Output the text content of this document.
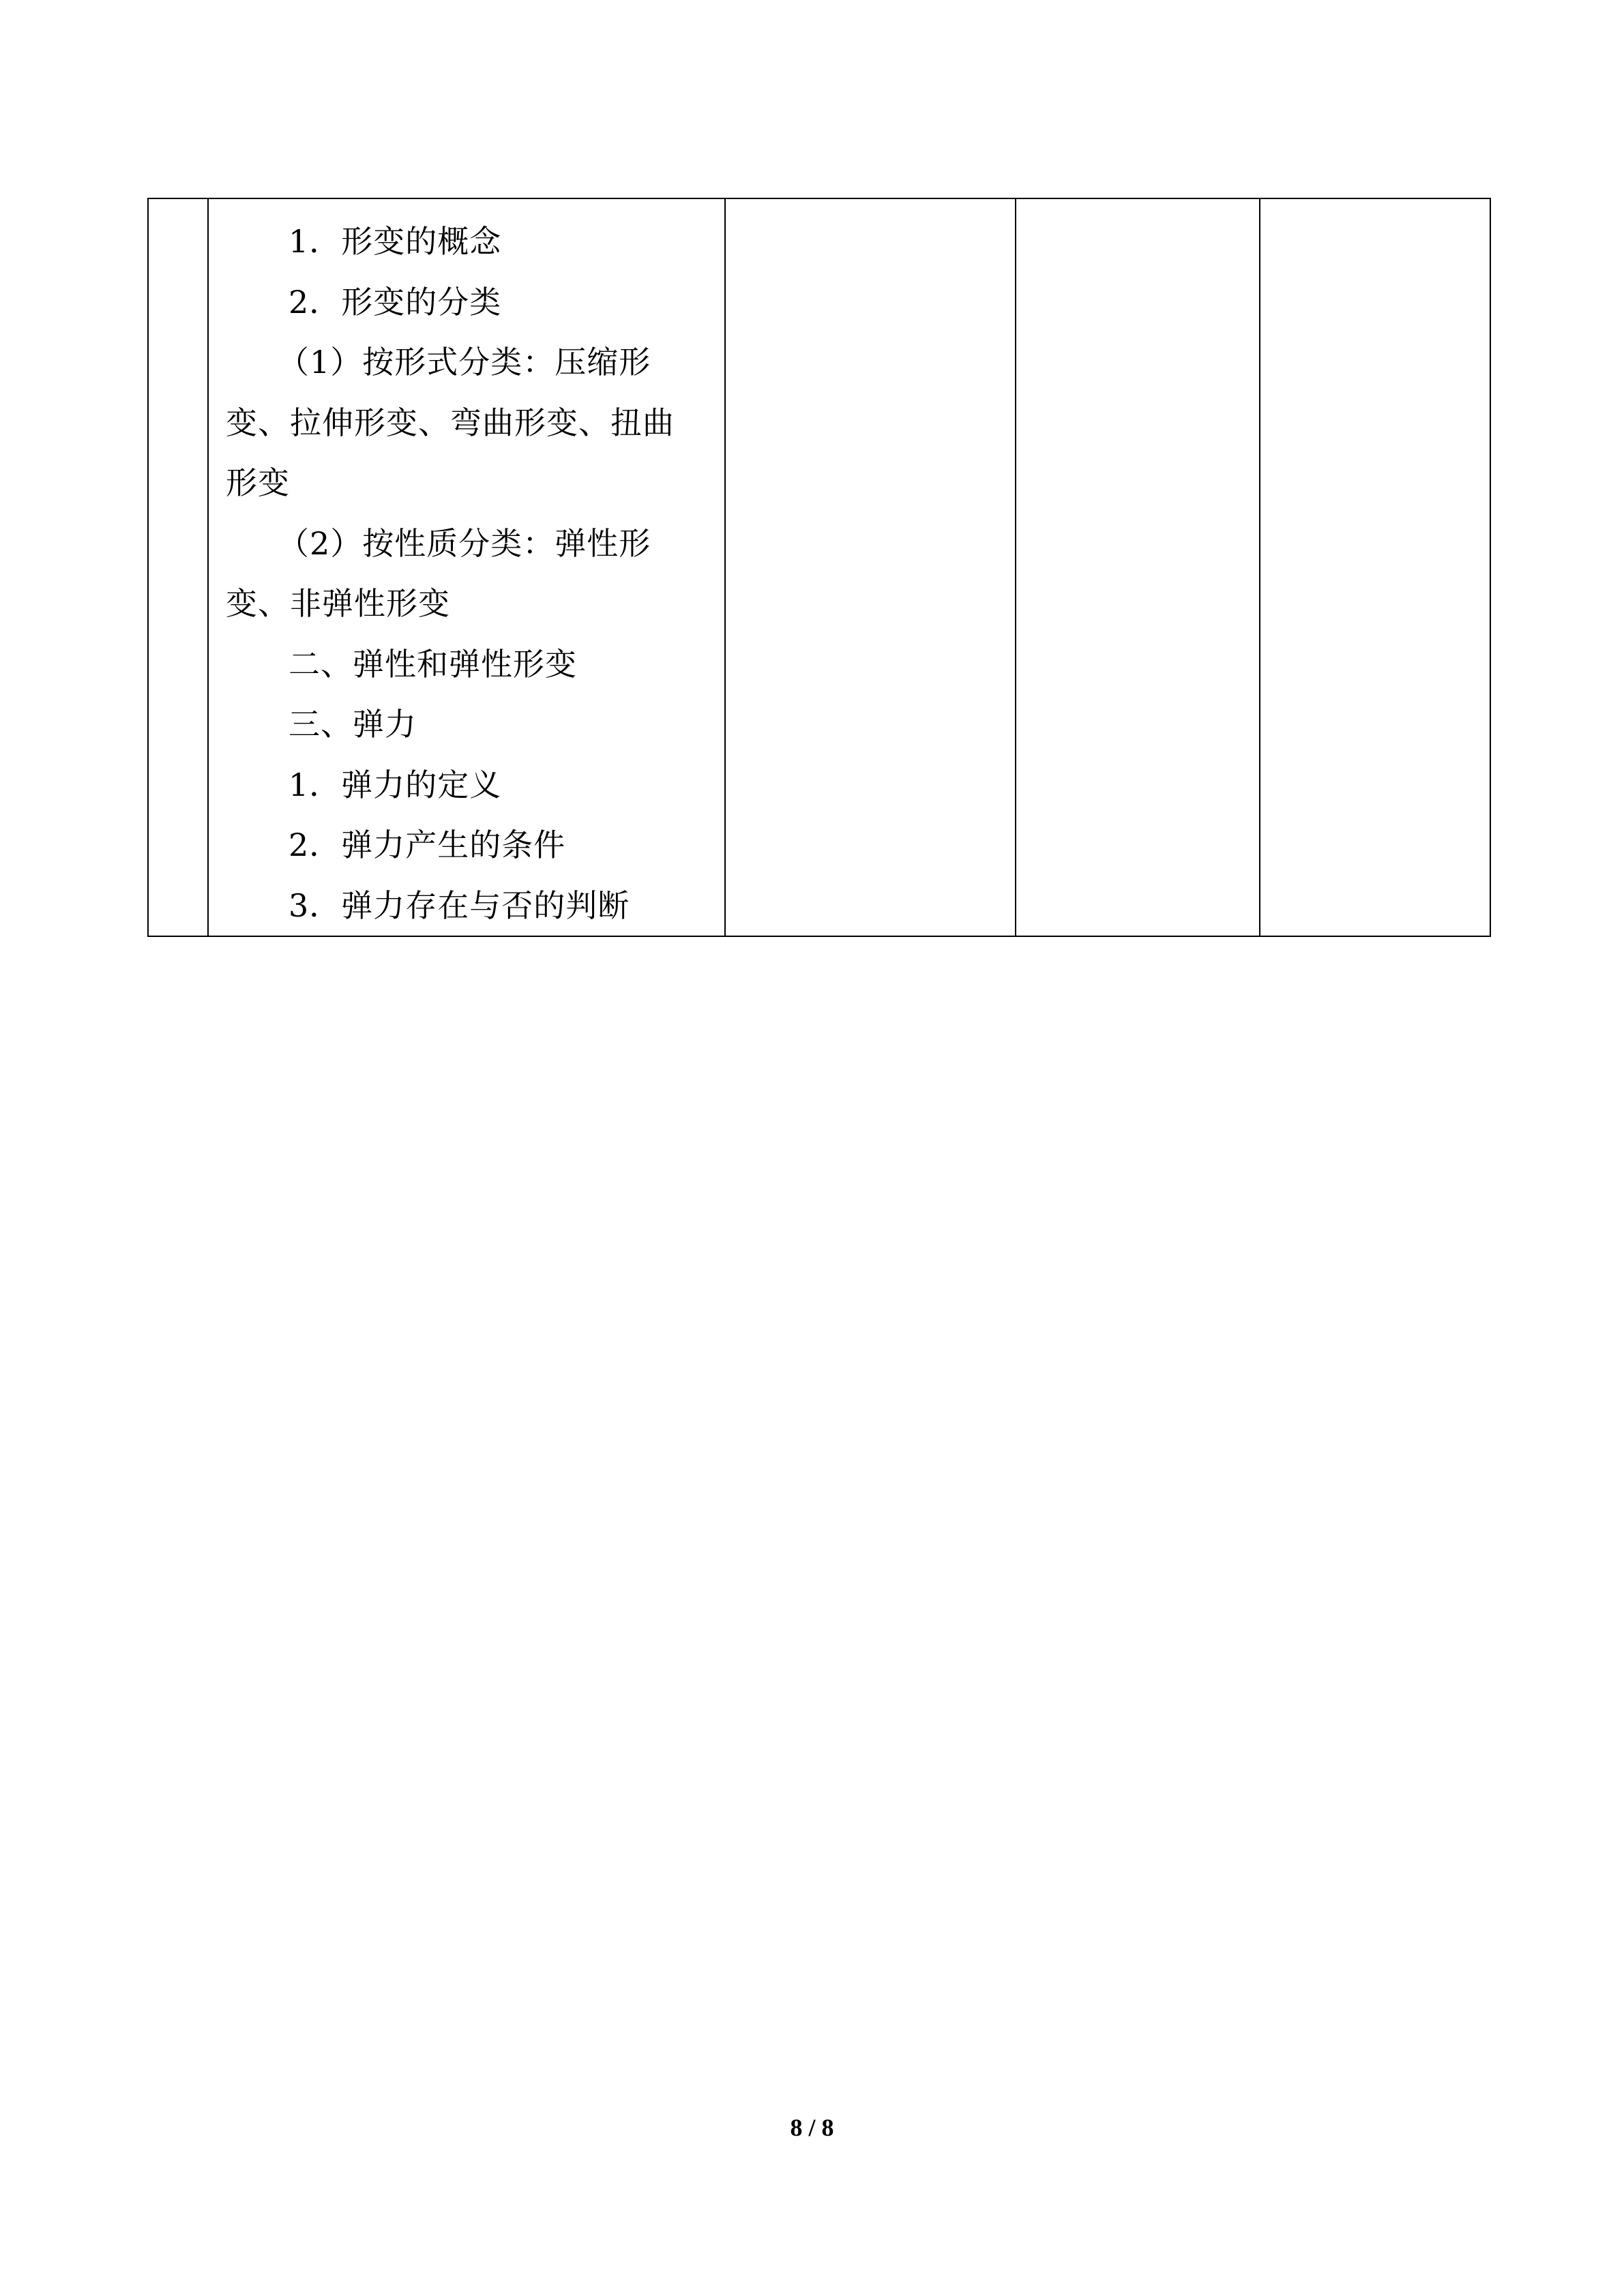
1．形变的概念
2．形变的分类
（1）按形式分类：压缩形
变、拉伸形变、弯曲形变、扭曲
形变
（2）按性质分类：弹性形
变、非弹性形变
二、弹性和弹性形变
三、弹力
1．弹力的定义
2．弹力产生的条件
3．弹力存在与否的判断

8 / 8
